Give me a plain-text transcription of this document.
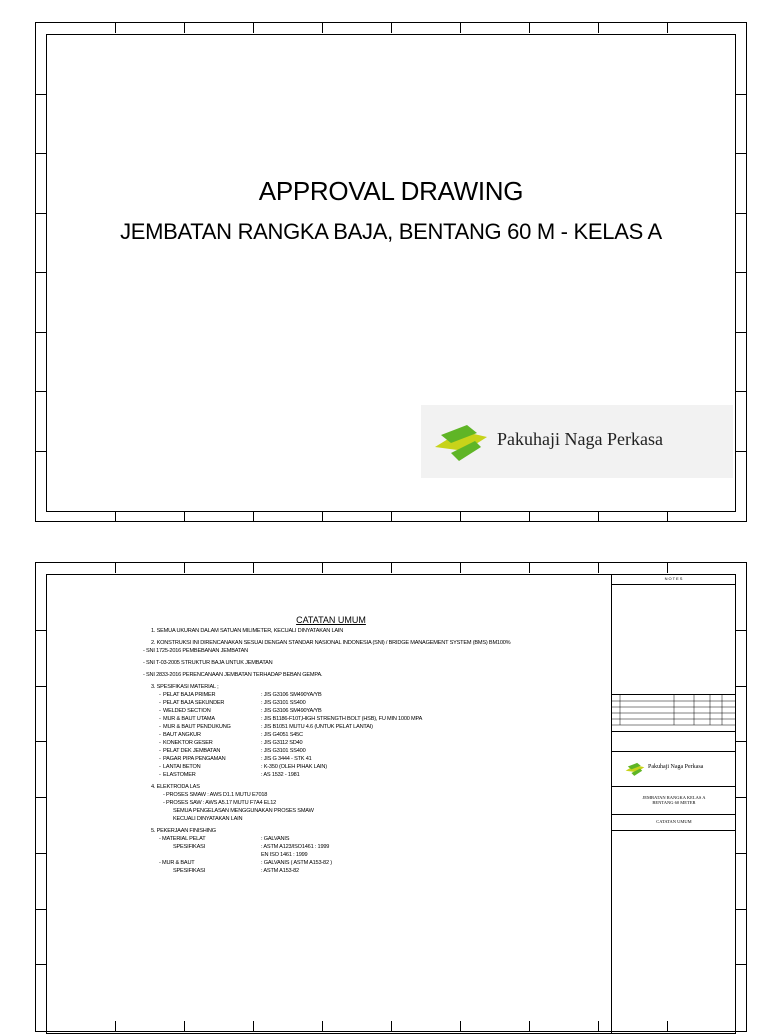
APPROVAL DRAWING
JEMBATAN RANGKA BAJA, BENTANG 60 M - KELAS A
Pakuhaji Naga Perkasa
CATATAN UMUM
1. SEMUA UKURAN DALAM SATUAN MILIMETER, KECUALI DINYATAKAN LAIN
2. KONSTRUKSI INI DIRENCANAKAN SESUAI DENGAN STANDAR NASIONAL INDONESIA (SNI) / BRIDGE MANAGEMENT SYSTEM (BMS) BM100%
- SNI 1725-2016 PEMBEBANAN JEMBATAN
- SNI T-03-2005 STRUKTUR BAJA UNTUK JEMBATAN
- SNI 2833-2016 PERENCANAAN JEMBATAN TERHADAP BEBAN GEMPA.
3. SPESIFIKASI MATERIAL ;
- PELAT BAJA PRIMER	: JIS G3106 SM490YA/YB
- PELAT BAJA SEKUNDER	: JIS G3101 SS400
- WELDED SECTION	: JIS G3106 SM490YA/YB
- MUR & BAUT UTAMA	: JIS B1186-F10T,HIGH STRENGTH BOLT (HSB), FU MIN 1000 MPA
- MUR & BAUT PENDUKUNG	: JIS B1051 MUTU 4.6 (UNTUK PELAT LANTAI)
- BAUT ANGKUR	: JIS G4051 S45C
- KONEKTOR GESER	: JIS G3112 SD40
- PELAT DEK JEMBATAN	: JIS G3101 SS400
- PAGAR PIPA PENGAMAN	: JIS G 3444 - STK 41
- LANTAI BETON	: K-350 (OLEH PIHAK LAIN)
- ELASTOMER	: AS 1532 - 1981
4. ELEKTRODA LAS
- PROSES SMAW : AWS D1.1 MUTU E7018
- PROSES SAW : AWS A5.17 MUTU F7A4 EL12
SEMUA PENGELASAN MENGGUNAKAN PROSES SMAW
KECUALI DINYATAKAN LAIN
5. PEKERJAAN FINISHING
- MATERIAL PELAT	: GALVANIS
SPESIFIKASI	: ASTM A123/ISO1461 : 1999
EN ISO 1461 : 1999
- MUR & BAUT	: GALVANIS ( ASTM A153-82 )
SPESIFIKASI	: ASTM A153-82
NOTES
Pakuhaji Naga Perkasa
JEMBATAN RANGKA KELAS A
BENTANG 60 METER
CATATAN UMUM
